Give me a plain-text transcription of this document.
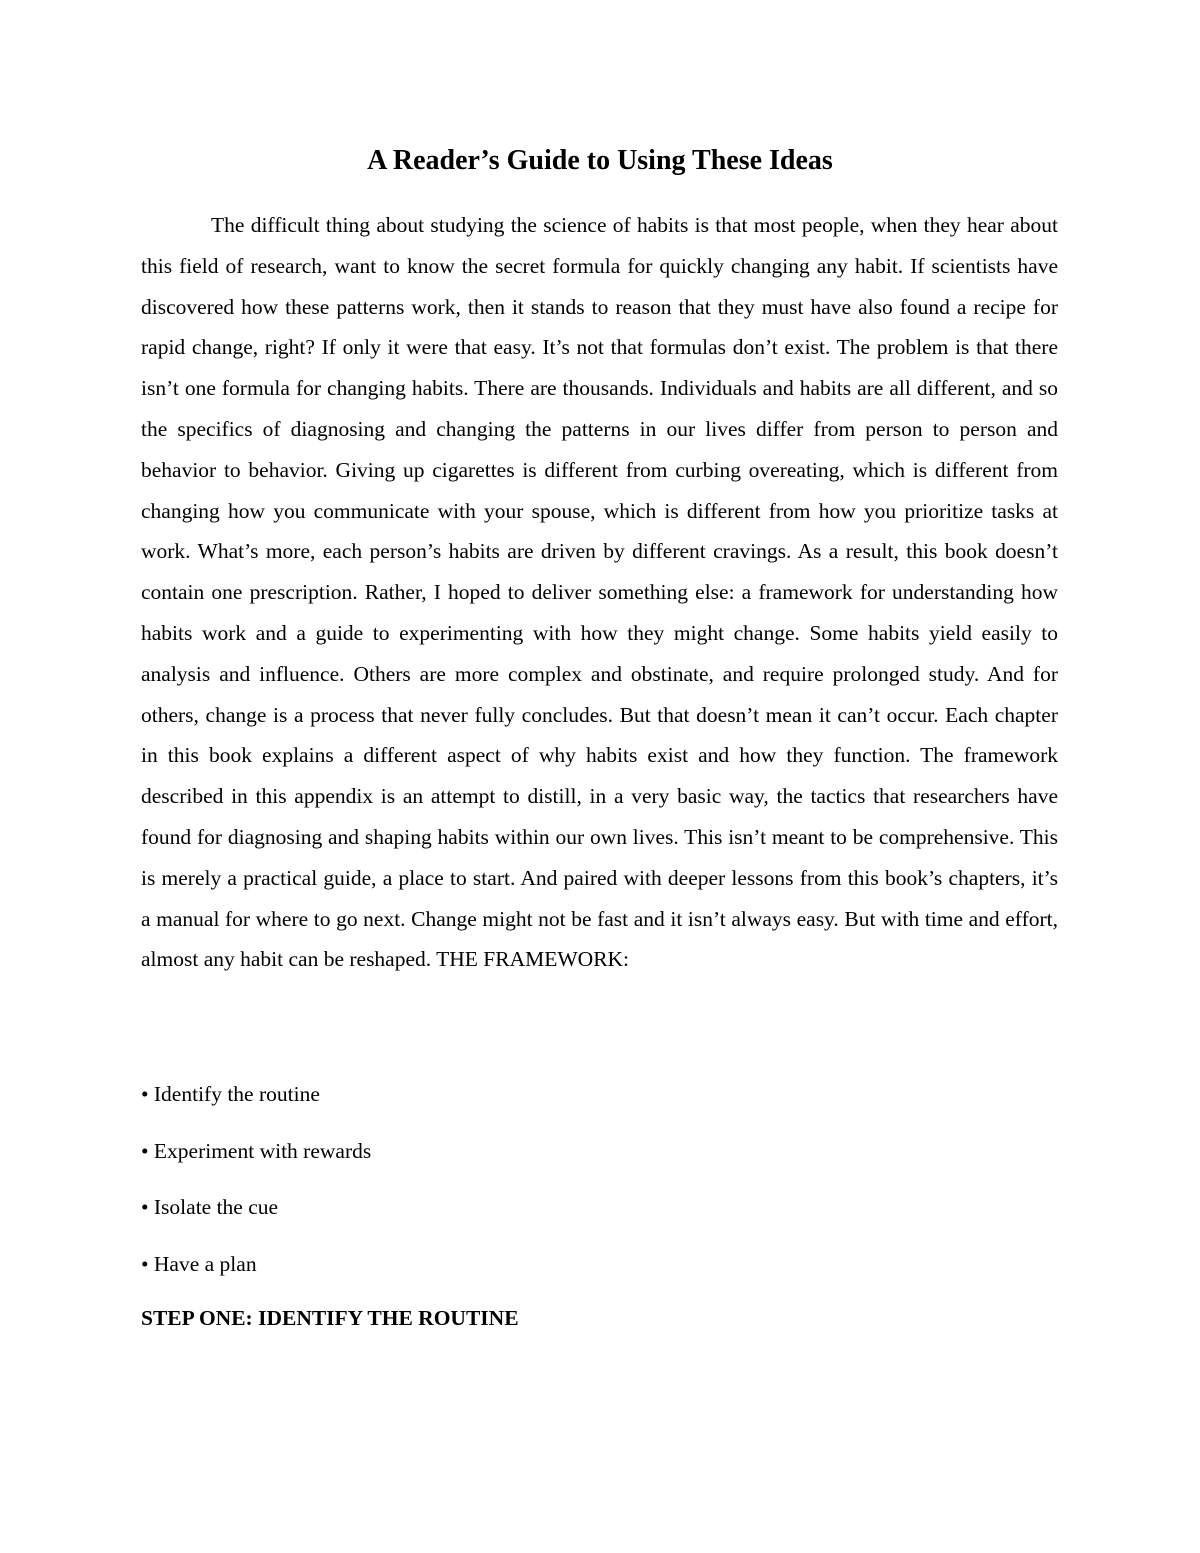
A Reader’s Guide to Using These Ideas

The difficult thing about studying the science of habits is that most people, when they hear about this field of research, want to know the secret formula for quickly changing any habit. If scientists have discovered how these patterns work, then it stands to reason that they must have also found a recipe for rapid change, right? If only it were that easy. It’s not that formulas don’t exist. The problem is that there isn’t one formula for changing habits. There are thousands. Individuals and habits are all different, and so the specifics of diagnosing and changing the patterns in our lives differ from person to person and behavior to behavior. Giving up cigarettes is different from curbing overeating, which is different from changing how you communicate with your spouse, which is different from how you prioritize tasks at work. What’s more, each person’s habits are driven by different cravings. As a result, this book doesn’t contain one prescription. Rather, I hoped to deliver something else: a framework for understanding how habits work and a guide to experimenting with how they might change. Some habits yield easily to analysis and influence. Others are more complex and obstinate, and require prolonged study. And for others, change is a process that never fully concludes. But that doesn’t mean it can’t occur. Each chapter in this book explains a different aspect of why habits exist and how they function. The framework described in this appendix is an attempt to distill, in a very basic way, the tactics that researchers have found for diagnosing and shaping habits within our own lives. This isn’t meant to be comprehensive. This is merely a practical guide, a place to start. And paired with deeper lessons from this book’s chapters, it’s a manual for where to go next. Change might not be fast and it isn’t always easy. But with time and effort, almost any habit can be reshaped. THE FRAMEWORK:

• Identify the routine
• Experiment with rewards
• Isolate the cue
• Have a plan
STEP ONE: IDENTIFY THE ROUTINE
